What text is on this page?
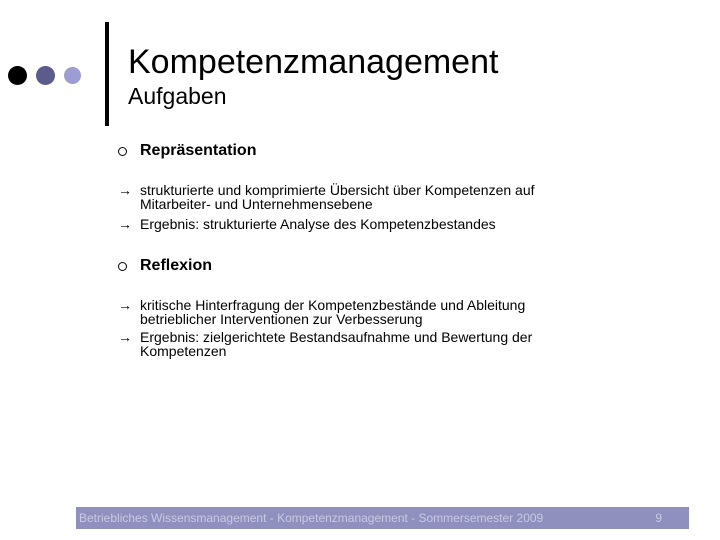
Kompetenzmanagement
Aufgaben
Repräsentation
→ strukturierte und komprimierte Übersicht über Kompetenzen auf
Mitarbeiter- und Unternehmensebene
→ Ergebnis: strukturierte Analyse des Kompetenzbestandes
Reflexion
→ kritische Hinterfragung der Kompetenzbestände und Ableitung
betrieblicher Interventionen zur Verbesserung
→ Ergebnis: zielgerichtete Bestandsaufnahme und Bewertung der
Kompetenzen
Betriebliches Wissensmanagement - Kompetenzmanagement - Sommersemester 2009	9
